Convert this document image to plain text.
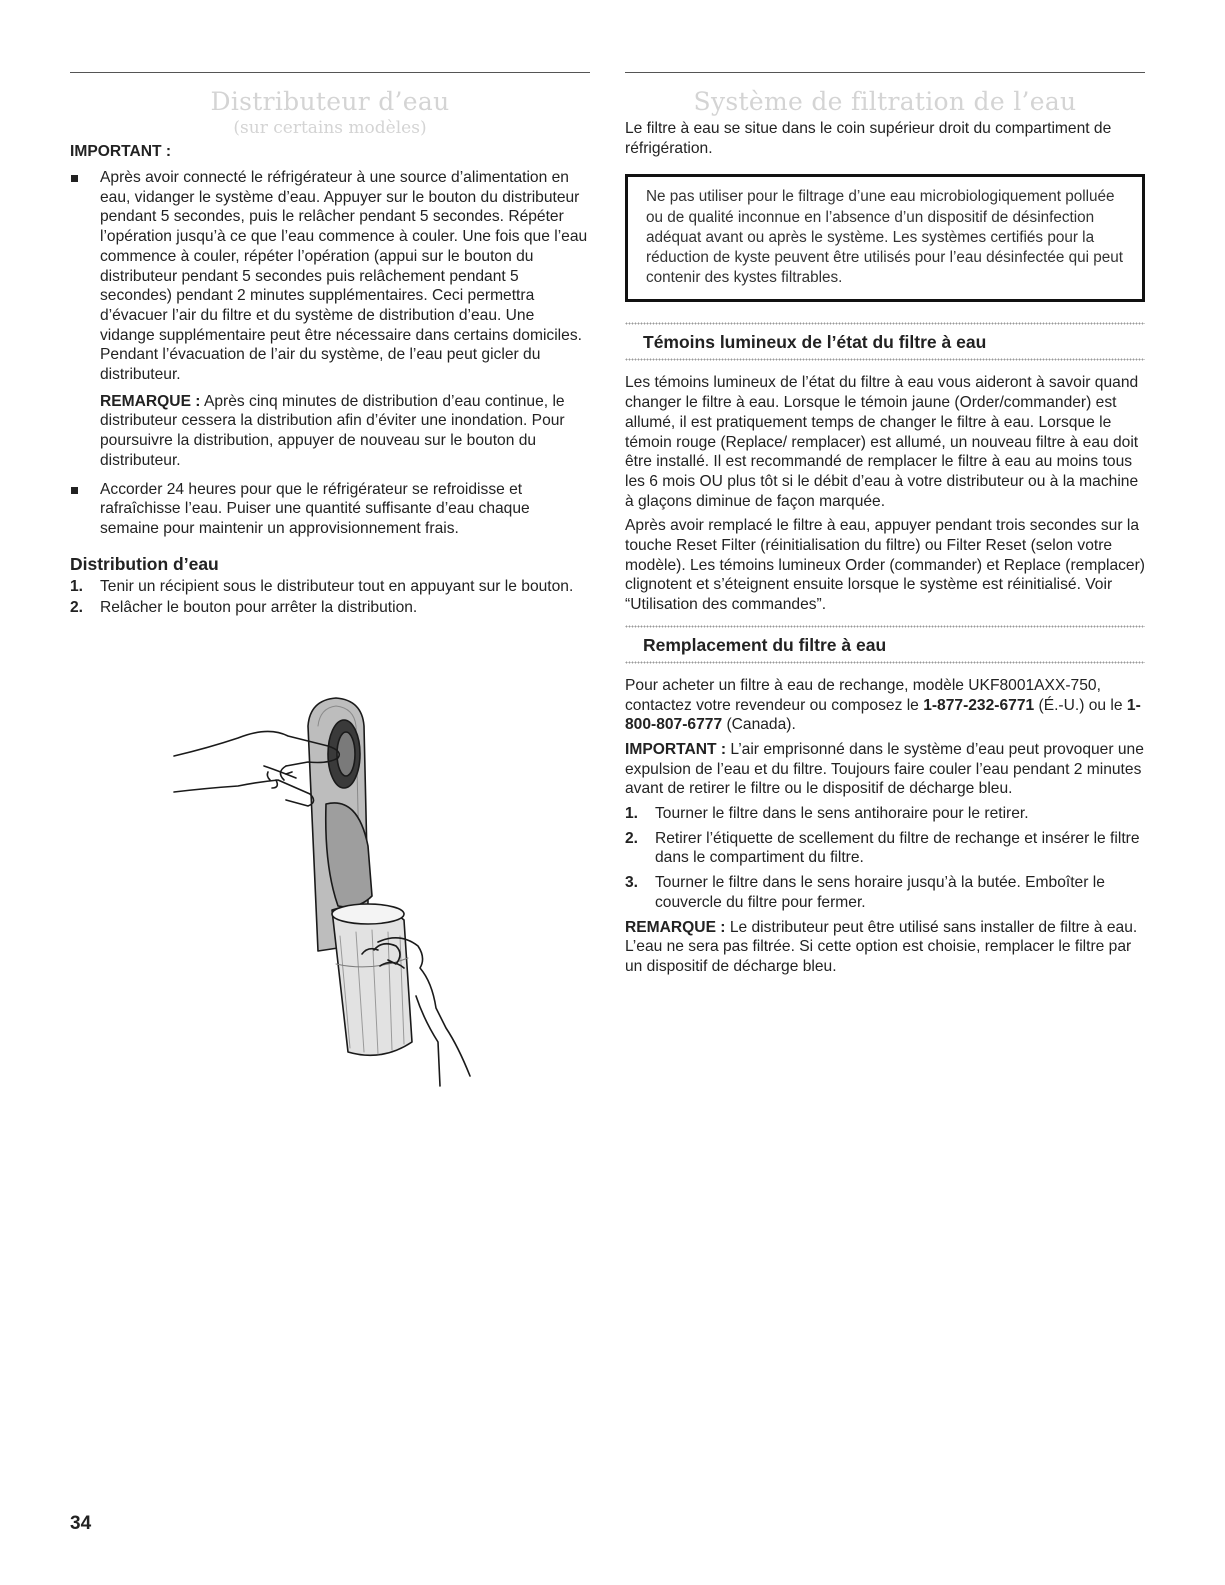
Distributeur d’eau
(sur certains modèles)

IMPORTANT :

Après avoir connecté le réfrigérateur à une source d’alimentation en eau, vidanger le système d’eau. Appuyer sur le bouton du distributeur pendant 5 secondes, puis le relâcher pendant 5 secondes. Répéter l’opération jusqu’à ce que l’eau commence à couler. Une fois que l’eau commence à couler, répéter l’opération (appui sur le bouton du distributeur pendant 5 secondes puis relâchement pendant 5 secondes) pendant 2 minutes supplémentaires. Ceci permettra d’évacuer l’air du filtre et du système de distribution d’eau. Une vidange supplémentaire peut être nécessaire dans certains domiciles. Pendant l’évacuation de l’air du système, de l’eau peut gicler du distributeur.

REMARQUE : Après cinq minutes de distribution d’eau continue, le distributeur cessera la distribution afin d’éviter une inondation. Pour poursuivre la distribution, appuyer de nouveau sur le bouton du distributeur.

Accorder 24 heures pour que le réfrigérateur se refroidisse et rafraîchisse l’eau. Puiser une quantité suffisante d’eau chaque semaine pour maintenir un approvisionnement frais.

Distribution d’eau

1. Tenir un récipient sous le distributeur tout en appuyant sur le bouton.
2. Relâcher le bouton pour arrêter la distribution.
Système de filtration de l’eau

Le filtre à eau se situe dans le coin supérieur droit du compartiment de réfrigération.

Ne pas utiliser pour le filtrage d’une eau microbiologiquement polluée ou de qualité inconnue en l’absence d’un dispositif de désinfection adéquat avant ou après le système. Les systèmes certifiés pour la réduction de kyste peuvent être utilisés pour l’eau désinfectée qui peut contenir des kystes filtrables.
Témoins lumineux de l’état du filtre à eau

Les témoins lumineux de l’état du filtre à eau vous aideront à savoir quand changer le filtre à eau. Lorsque le témoin jaune (Order/commander) est allumé, il est pratiquement temps de changer le filtre à eau. Lorsque le témoin rouge (Replace/ remplacer) est allumé, un nouveau filtre à eau doit être installé. Il est recommandé de remplacer le filtre à eau au moins tous les 6 mois OU plus tôt si le débit d’eau à votre distributeur ou à la machine à glaçons diminue de façon marquée.

Après avoir remplacé le filtre à eau, appuyer pendant trois secondes sur la touche Reset Filter (réinitialisation du filtre) ou Filter Reset (selon votre modèle). Les témoins lumineux Order (commander) et Replace (remplacer) clignotent et s’éteignent ensuite lorsque le système est réinitialisé. Voir “Utilisation des commandes”.

Remplacement du filtre à eau

Pour acheter un filtre à eau de rechange, modèle UKF8001AXX-750, contactez votre revendeur ou composez le 1-877-232-6771 (É.-U.) ou le 1-800-807-6777 (Canada).

IMPORTANT : L’air emprisonné dans le système d’eau peut provoquer une expulsion de l’eau et du filtre. Toujours faire couler l’eau pendant 2 minutes avant de retirer le filtre ou le dispositif de décharge bleu.

1. Tourner le filtre dans le sens antihoraire pour le retirer.
2. Retirer l’étiquette de scellement du filtre de rechange et insérer le filtre dans le compartiment du filtre.
3. Tourner le filtre dans le sens horaire jusqu’à la butée. Emboîter le couvercle du filtre pour fermer.

REMARQUE : Le distributeur peut être utilisé sans installer de filtre à eau. L’eau ne sera pas filtrée. Si cette option est choisie, remplacer le filtre par un dispositif de décharge bleu.

34
